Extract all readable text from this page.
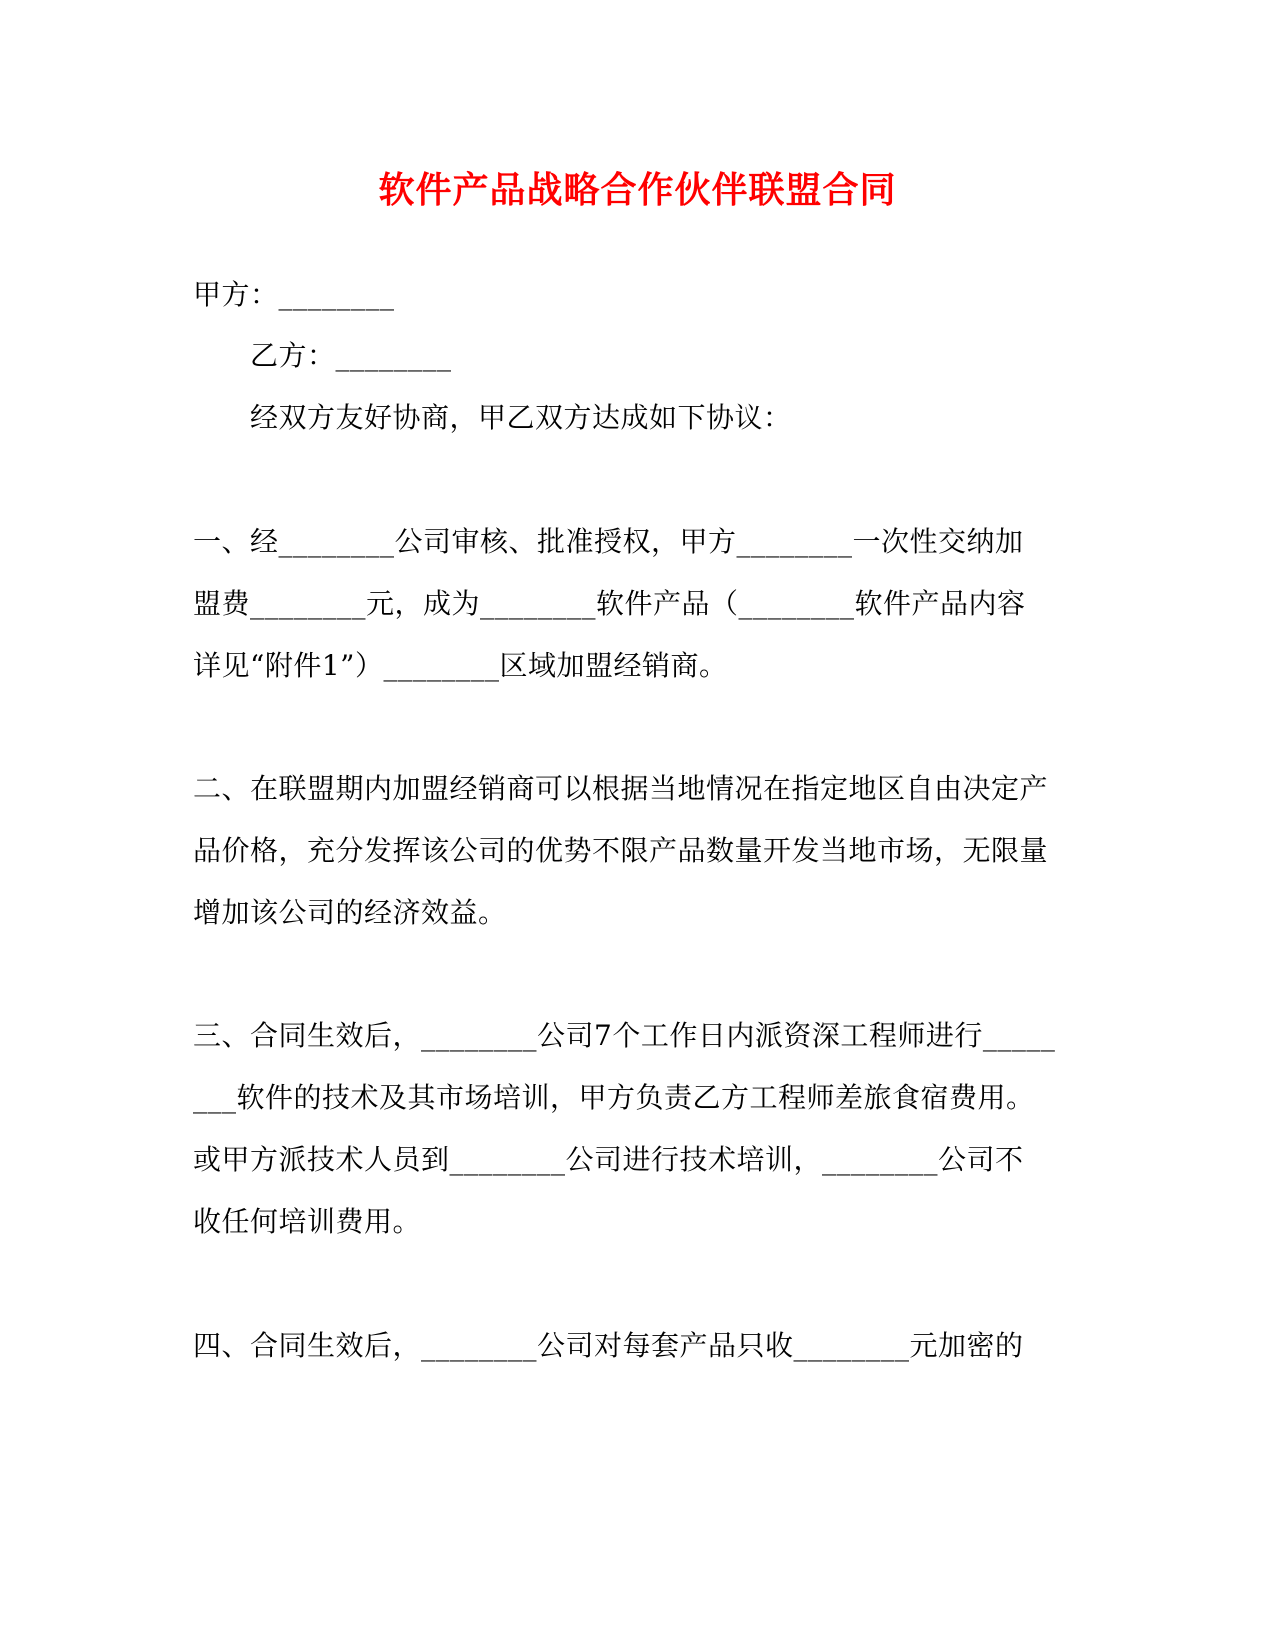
软件产品战略合作伙伴联盟合同
甲方：________
乙方：________
经双方友好协商，甲乙双方达成如下协议：
一、经________公司审核、批准授权，甲方________一次性交纳加
盟费________元，成为________软件产品（________软件产品内容
详见“附件1”）________区域加盟经销商。
二、在联盟期内加盟经销商可以根据当地情况在指定地区自由决定产
品价格，充分发挥该公司的优势不限产品数量开发当地市场，无限量
增加该公司的经济效益。
三、合同生效后，________公司7个工作日内派资深工程师进行_____
___软件的技术及其市场培训，甲方负责乙方工程师差旅食宿费用。
或甲方派技术人员到________公司进行技术培训，________公司不
收任何培训费用。
四、合同生效后，________公司对每套产品只收________元加密的
